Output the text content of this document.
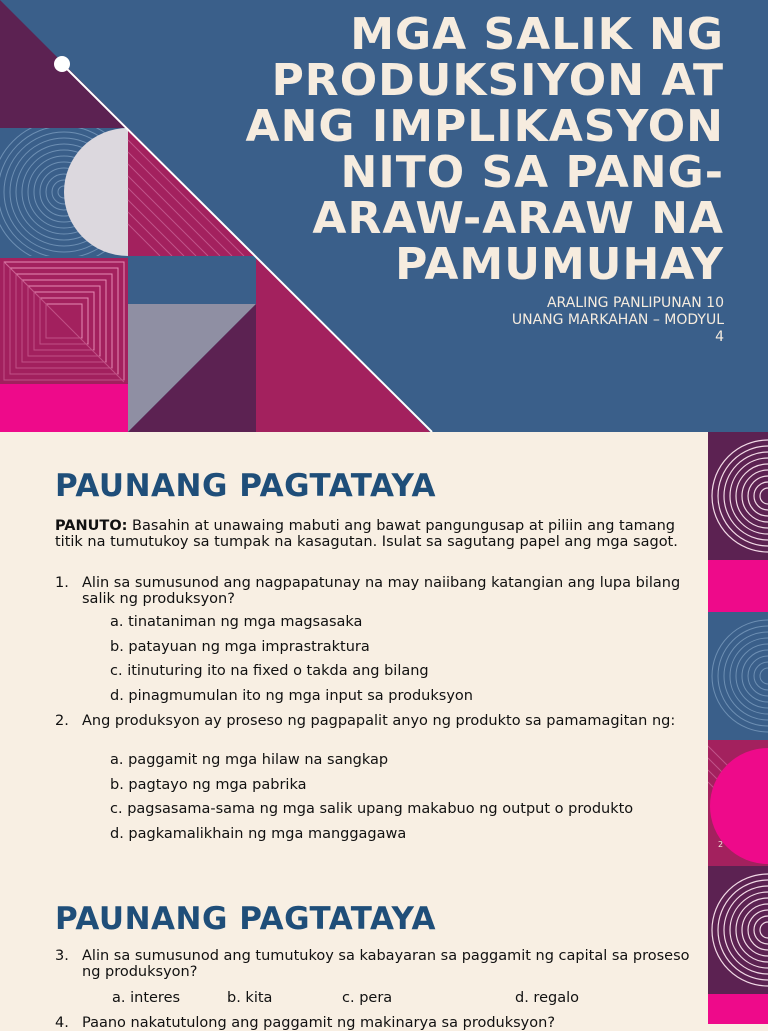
MGA SALIK NG PRODUKSIYON AT ANG IMPLIKASYON NITO SA PANG-ARAW-ARAW NA PAMUMUHAY
ARALING PANLIPUNAN 10
UNANG MARKAHAN – MODYUL
4
2
PAUNANG PAGTATAYA
PANUTO: Basahin at unawaing mabuti ang bawat pangungusap at piliin ang tamang titik na tumutukoy sa tumpak na kasagutan. Isulat sa sagutang papel ang mga sagot.
1. Alin sa sumusunod ang nagpapatunay na may naiibang katangian ang lupa bilang salik ng produksyon?
a. tinataniman ng mga magsasaka
b. patayuan ng mga imprastraktura
c. itinuturing ito na fixed o takda ang bilang
d. pinagmumulan ito ng mga input sa produksyon
2. Ang produksyon ay proseso ng pagpapalit anyo ng produkto sa pamamagitan ng:
a. paggamit ng mga hilaw na sangkap
b. pagtayo ng mga pabrika
c. pagsasama-sama ng mga salik upang makabuo ng output o produkto
d. pagkamalikhain ng mga manggagawa
PAUNANG PAGTATAYA
3. Alin sa sumusunod ang tumutukoy sa kabayaran sa paggamit ng capital sa proseso ng produksyon?
a. interes	b. kita	c. pera	d. regalo
4. Paano nakatutulong ang paggamit ng makinarya sa produksyon?
